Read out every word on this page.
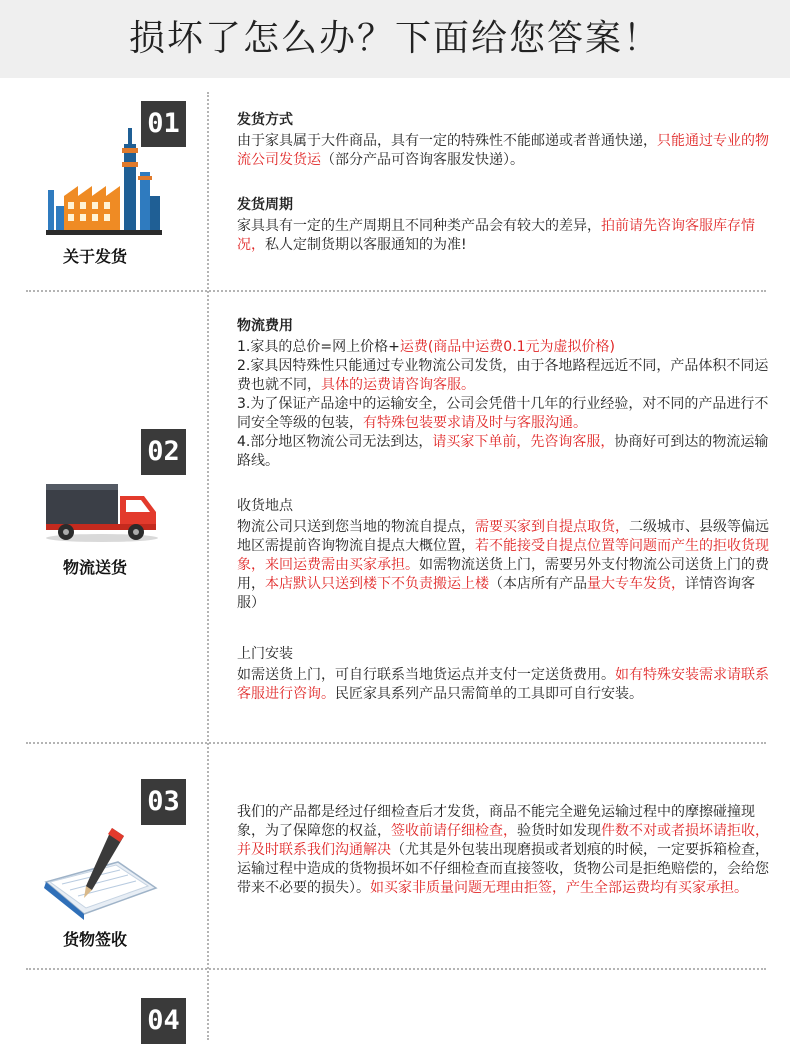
损坏了怎么办？下面给您答案！
01
关于发货
发货方式

由于家具属于大件商品，具有一定的特殊性不能邮递或者普通快递，只能通过专业的物流公司发货运（部分产品可咨询客服发快递）。

发货周期

家具具有一定的生产周期且不同种类产品会有较大的差异，拍前请先咨询客服库存情况，私人定制货期以客服通知的为准!

02
物流送货
物流费用

1.家具的总价=网上价格+运费(商品中运费0.1元为虚拟价格)

2.家具因特殊性只能通过专业物流公司发货，由于各地路程远近不同，产品体积不同运费也就不同，具体的运费请咨询客服。

3.为了保证产品途中的运输安全，公司会凭借十几年的行业经验，对不同的产品进行不同安全等级的包装，有特殊包装要求请及时与客服沟通。

4.部分地区物流公司无法到达，请买家下单前，先咨询客服，协商好可到达的物流运输路线。

收货地点

物流公司只送到您当地的物流自提点，需要买家到自提点取货，二级城市、县级等偏远地区需提前咨询物流自提点大概位置，若不能接受自提点位置等问题而产生的拒收货现象，来回运费需由买家承担。如需物流送货上门，需要另外支付物流公司送货上门的费用，本店默认只送到楼下不负责搬运上楼（本店所有产品量大专车发货，详情咨询客服）

上门安装

如需送货上门，可自行联系当地货运点并支付一定送货费用。如有特殊安装需求请联系客服进行咨询。民匠家具系列产品只需简单的工具即可自行安装。

03
货物签收

我们的产品都是经过仔细检查后才发货，商品不能完全避免运输过程中的摩擦碰撞现象，为了保障您的权益，签收前请仔细检查，验货时如发现件数不对或者损坏请拒收，并及时联系我们沟通解决（尤其是外包装出现磨损或者划痕的时候，一定要拆箱检查，运输过程中造成的货物损坏如不仔细检查而直接签收，货物公司是拒绝赔偿的，会给您带来不必要的损失）。如买家非质量问题无理由拒签，产生全部运费均有买家承担。

04
